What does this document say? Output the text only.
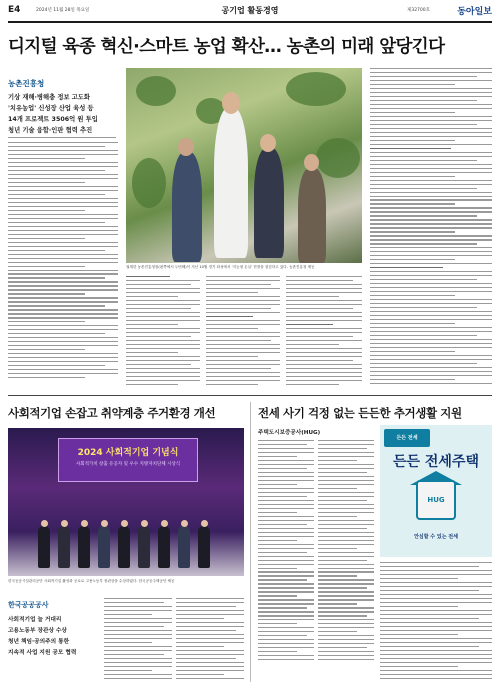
E4	2024년 11월 28일 목요일	공기업 활동경영	제32700호	동아일보
디지털 육종 혁신·스마트 농업 확산… 농촌의 미래 앞당긴다
농촌진흥청
기상 재해·병해충 정보 고도화
'치유농업' 신성장 산업 육성 등
14개 프로젝트 3506억 원 투입
청년 기술 융합·인판 협력 추진
권재한 농촌진흥청장(왼쪽에서 두번째)이 지난 10월 경기 화성에서 '지능형 온실' 현장을 점검하고 있다. 농촌진흥청 제공
사회적기업 손잡고 취약계층 주거환경 개선
2024 사회적기업 기념식
사회적가치 창출 유공자 및 우수 지방자치단체 시상식
한국공공시설관리공단 사회적기업 활성화 공로로 고용노동부 장관상을 수상하였다. 한국공공주택공단 제공
한국공공공사
사회적기업 늘 거대리
고용노동부 장관상 수상
청년 책임·공의주의 통한
지속적 사업 지원 공모 협력
전세 사기 걱정 없는 든든한 추거생활 지원
주택도시보증공사(HUG)
든든 전세
든든 전세주택
HUG
안심할 수 있는 전세
